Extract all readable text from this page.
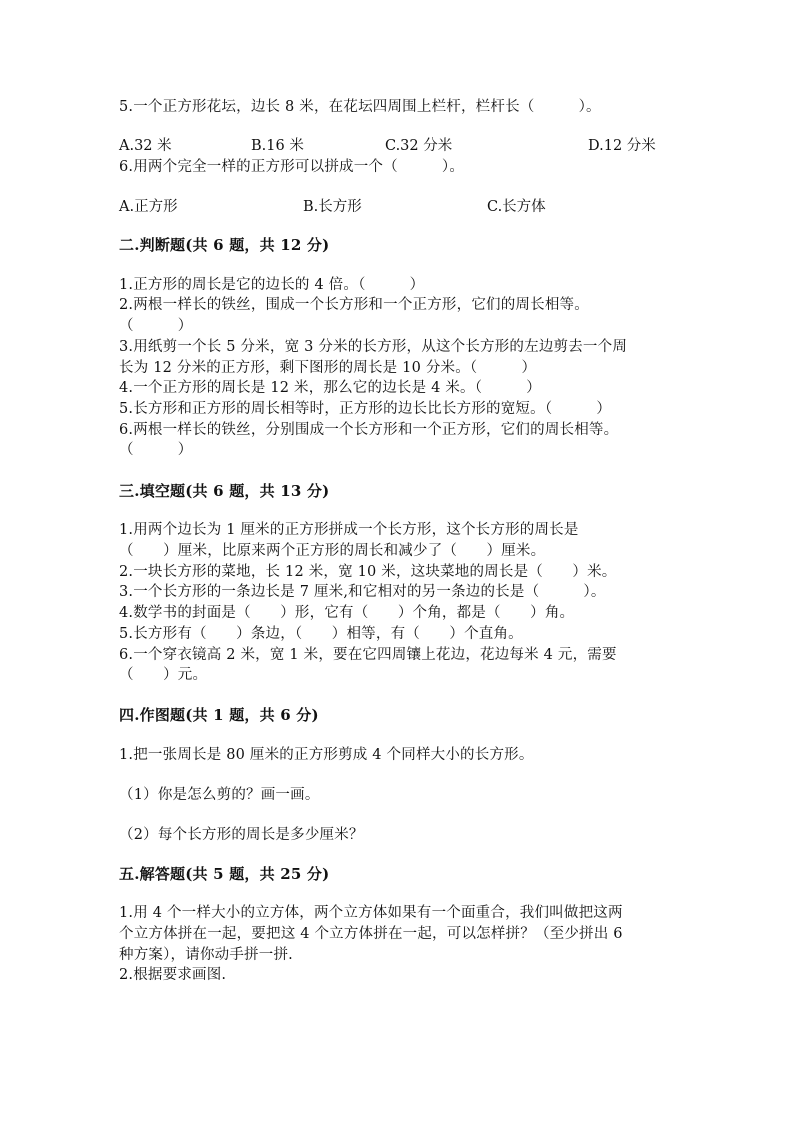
5.一个正方形花坛，边长 8 米，在花坛四周围上栏杆，栏杆长（　　　）。
A.32 米	B.16 米	C.32 分米	D.12 分米
6.用两个完全一样的正方形可以拼成一个（　　　）。
A.正方形	B.长方形	C.长方体
二.判断题(共 6 题，共 12 分)
1.正方形的周长是它的边长的 4 倍。（　　　）
2.两根一样长的铁丝，围成一个长方形和一个正方形，它们的周长相等。
（　　　）
3.用纸剪一个长 5 分米，宽 3 分米的长方形，从这个长方形的左边剪去一个周
长为 12 分米的正方形，剩下图形的周长是 10 分米。（　　　）
4.一个正方形的周长是 12 米，那么它的边长是 4 米。（　　　）
5.长方形和正方形的周长相等时，正方形的边长比长方形的宽短。（　　　）
6.两根一样长的铁丝，分别围成一个长方形和一个正方形，它们的周长相等。
（　　　）
三.填空题(共 6 题，共 13 分)
1.用两个边长为 1 厘米的正方形拼成一个长方形，这个长方形的周长是
（　　）厘米，比原来两个正方形的周长和减少了（　　）厘米。
2.一块长方形的菜地，长 12 米，宽 10 米，这块菜地的周长是（　　）米。
3.一个长方形的一条边长是 7 厘米,和它相对的另一条边的长是（　　　）。
4.数学书的封面是（　　）形，它有（　　）个角，都是（　　）角。
5.长方形有（　　）条边，（　　）相等，有（　　）个直角。
6.一个穿衣镜高 2 米，宽 1 米，要在它四周镶上花边，花边每米 4 元，需要
（　　）元。
四.作图题(共 1 题，共 6 分)
1.把一张周长是 80 厘米的正方形剪成 4 个同样大小的长方形。
（1）你是怎么剪的？画一画。
（2）每个长方形的周长是多少厘米？
五.解答题(共 5 题，共 25 分)
1.用 4 个一样大小的立方体，两个立方体如果有一个面重合，我们叫做把这两
个立方体拼在一起，要把这 4 个立方体拼在一起，可以怎样拼？（至少拼出 6
种方案），请你动手拼一拼.
2.根据要求画图.
